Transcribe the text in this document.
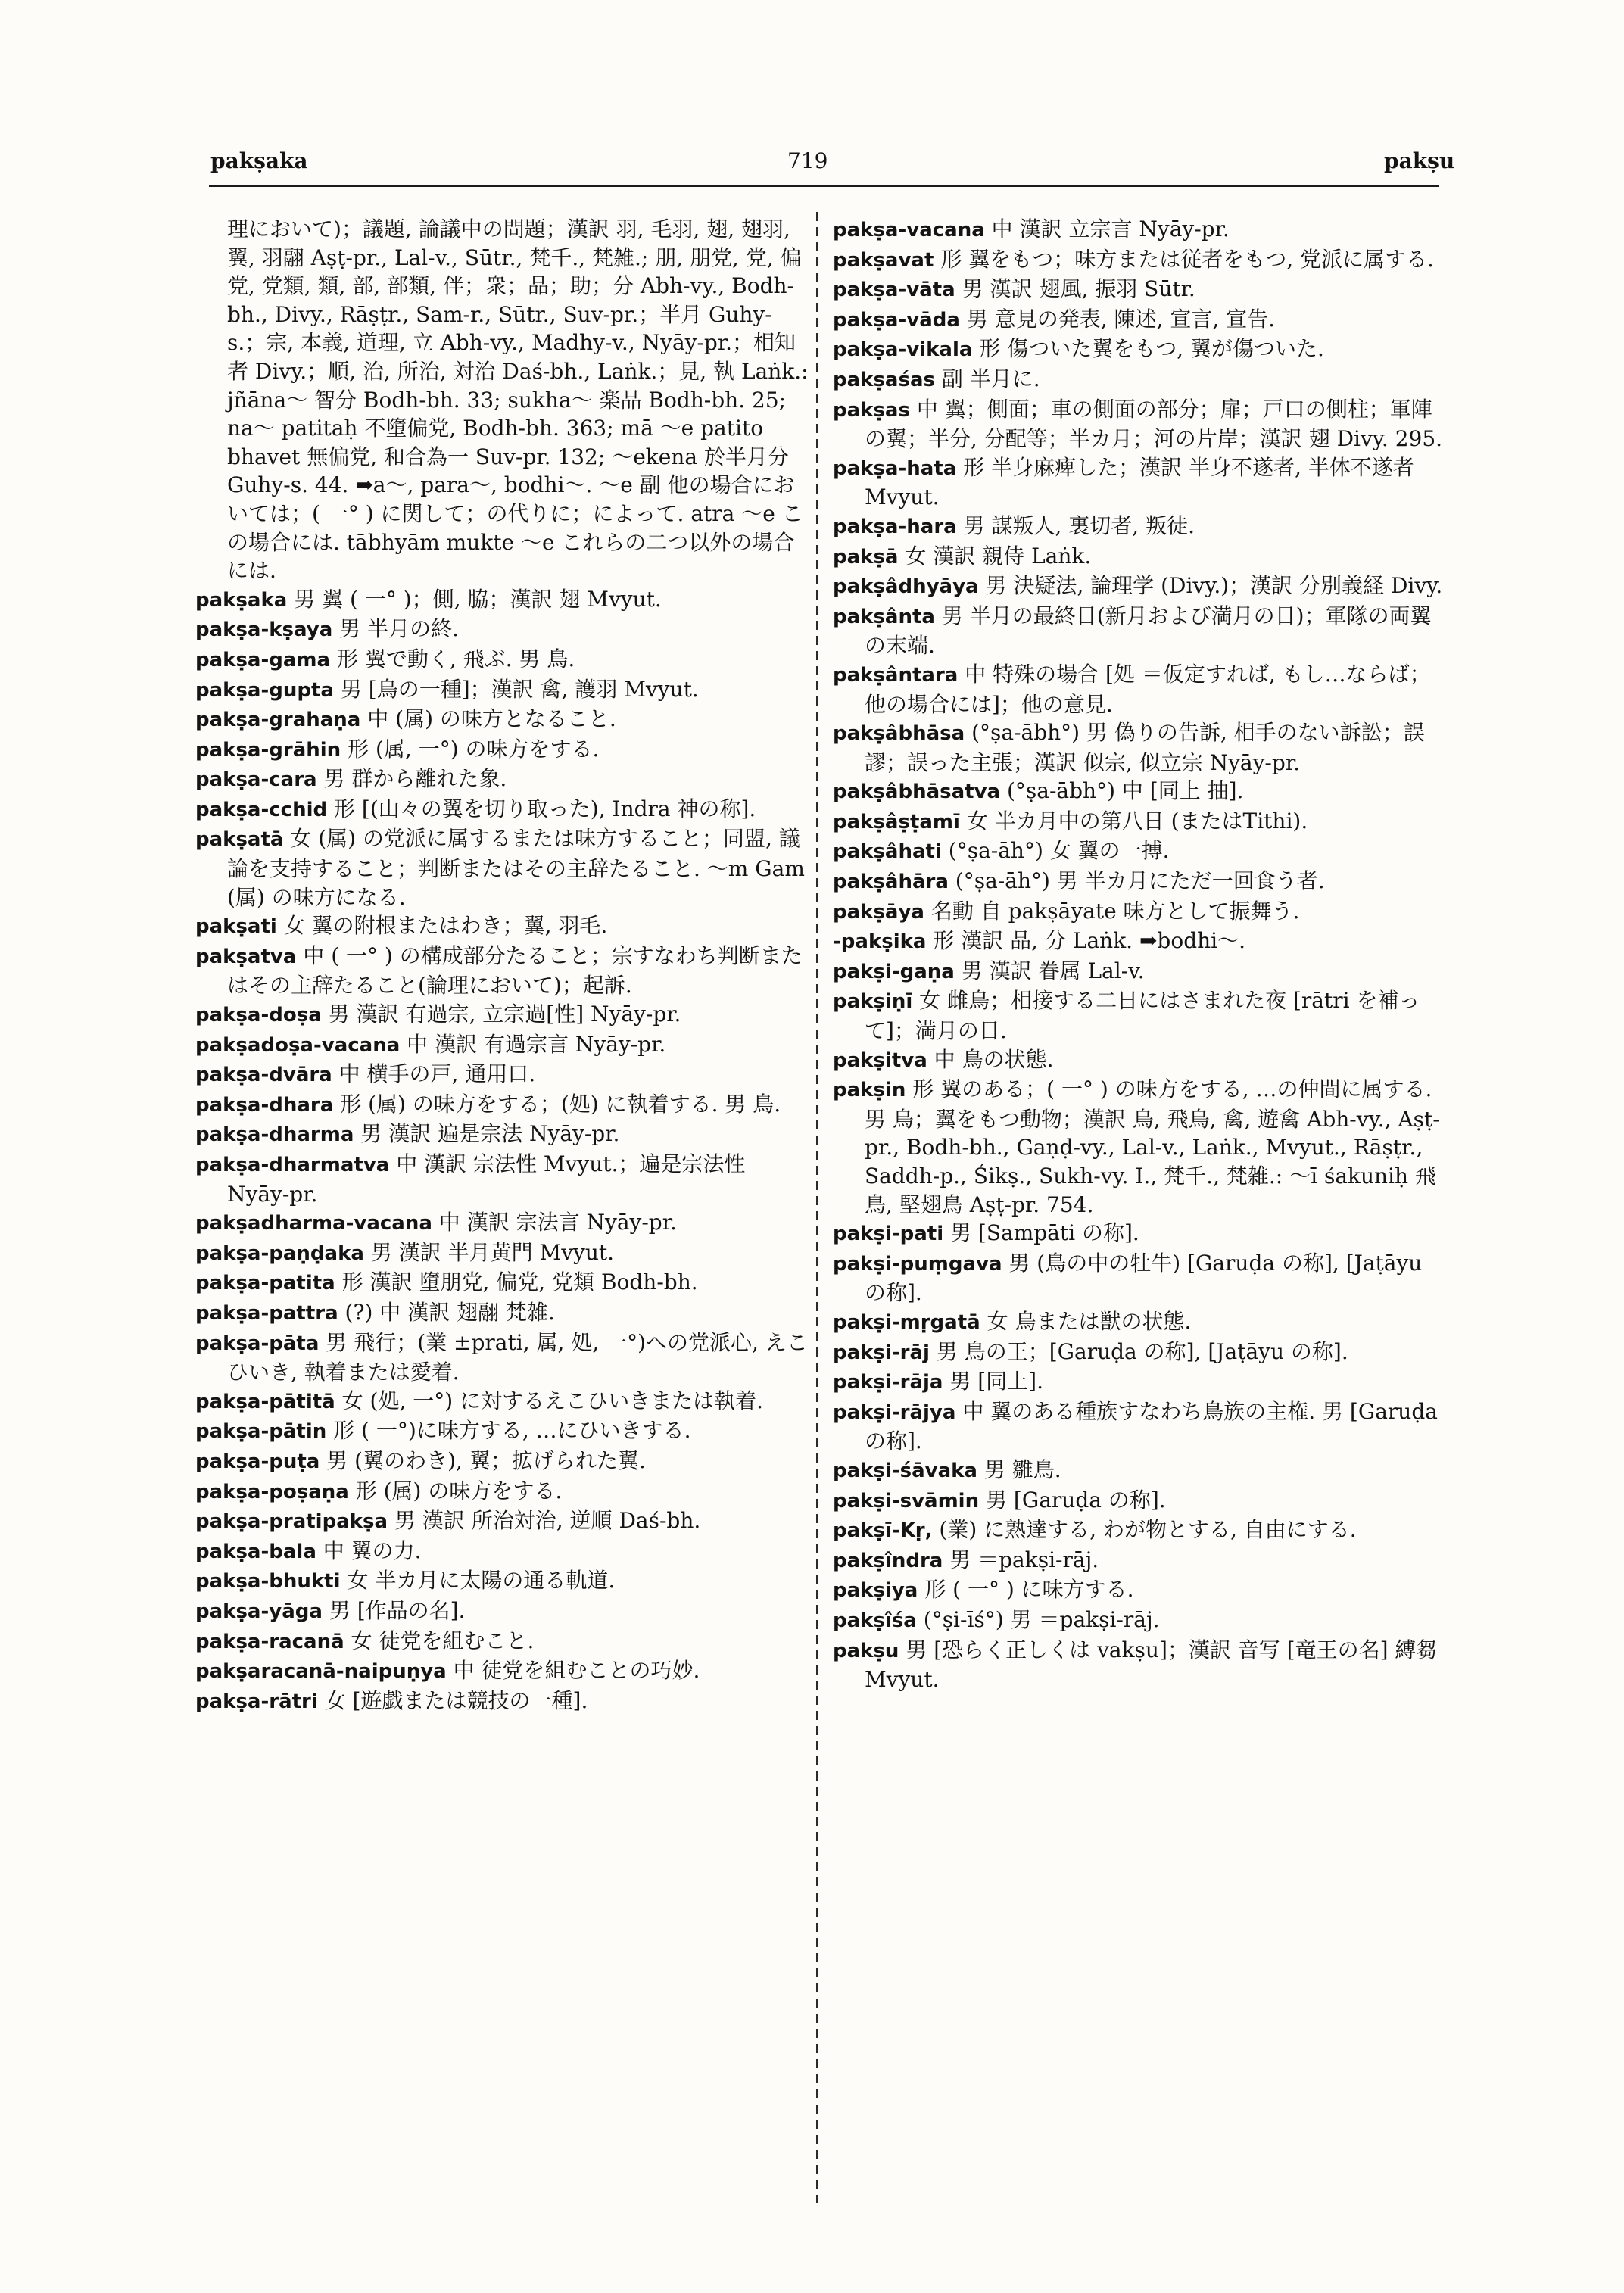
pakṣaka	719	pakṣu

理において)；議題, 論議中の問題；漢訳 羽, 毛羽, 翅, 翅羽, 翼, 羽翮 Aṣṭ-pr., Lal-v., Sūtr., 梵千., 梵雑.; 朋, 朋党, 党, 偏党, 党類, 類, 部, 部類, 伴；衆；品；助；分 Abh-vy., Bodh-bh., Divy., Rāṣṭr., Sam-r., Sūtr., Suv-pr.；半月 Guhy-s.；宗, 本義, 道理, 立 Abh-vy., Madhy-v., Nyāy-pr.；相知者 Divy.；順, 治, 所治, 対治 Daś-bh., Laṅk.；見, 執 Laṅk.: jñāna～ 智分 Bodh-bh. 33; sukha～ 楽品 Bodh-bh. 25; na～ patitaḥ 不墮偏党, Bodh-bh. 363; mā ～e patito bhavet 無偏党, 和合為一 Suv-pr. 132; ～ekena 於半月分 Guhy-s. 44. ➡a～, para～, bodhi～. ～e 副 他の場合においては；( 一° ) に関して；の代りに；によって. atra ～e この場合には. tābhyām mukte ～e これらの二つ以外の場合には.

pakṣaka 男 翼 ( 一° )；側, 脇；漢訳 翅 Mvyut.

pakṣa-kṣaya 男 半月の終.

pakṣa-gama 形 翼で動く, 飛ぶ. 男 鳥.

pakṣa-gupta 男 [鳥の一種]；漢訳 禽, 護羽 Mvyut.

pakṣa-grahaṇa 中 (属) の味方となること.

pakṣa-grāhin 形 (属, 一°) の味方をする.

pakṣa-cara 男 群から離れた象.

pakṣa-cchid 形 [(山々の翼を切り取った), Indra 神の称].

pakṣatā 女 (属) の党派に属するまたは味方すること；同盟, 議論を支持すること；判断またはその主辞たること. ～m Gam (属) の味方になる.

pakṣati 女 翼の附根またはわき；翼, 羽毛.

pakṣatva 中 ( 一° ) の構成部分たること；宗すなわち判断またはその主辞たること(論理において)；起訴.

pakṣa-doṣa 男 漢訳 有過宗, 立宗過[性] Nyāy-pr.

pakṣadoṣa-vacana 中 漢訳 有過宗言 Nyāy-pr.

pakṣa-dvāra 中 横手の戸, 通用口.

pakṣa-dhara 形 (属) の味方をする；(処) に執着する. 男 鳥.

pakṣa-dharma 男 漢訳 遍是宗法 Nyāy-pr.

pakṣa-dharmatva 中 漢訳 宗法性 Mvyut.；遍是宗法性 Nyāy-pr.

pakṣadharma-vacana 中 漢訳 宗法言 Nyāy-pr.

pakṣa-paṇḍaka 男 漢訳 半月黄門 Mvyut.

pakṣa-patita 形 漢訳 墮朋党, 偏党, 党類 Bodh-bh.

pakṣa-pattra (?) 中 漢訳 翅翮 梵雑.

pakṣa-pāta 男 飛行；(業 ±prati, 属, 処, 一°)への党派心, えこひいき, 執着または愛着.

pakṣa-pātitā 女 (処, 一°) に対するえこひいきまたは執着.

pakṣa-pātin 形 ( 一°)に味方する, …にひいきする.

pakṣa-puṭa 男 (翼のわき), 翼；拡げられた翼.

pakṣa-poṣaṇa 形 (属) の味方をする.

pakṣa-pratipakṣa 男 漢訳 所治対治, 逆順 Daś-bh.

pakṣa-bala 中 翼の力.

pakṣa-bhukti 女 半カ月に太陽の通る軌道.

pakṣa-yāga 男 [作品の名].

pakṣa-racanā 女 徒党を組むこと.

pakṣaracanā-naipuṇya 中 徒党を組むことの巧妙.

pakṣa-rātri 女 [遊戯または競技の一種].

pakṣa-vacana 中 漢訳 立宗言 Nyāy-pr.

pakṣavat 形 翼をもつ；味方または従者をもつ, 党派に属する.

pakṣa-vāta 男 漢訳 翅風, 振羽 Sūtr.

pakṣa-vāda 男 意見の発表, 陳述, 宣言, 宣告.

pakṣa-vikala 形 傷ついた翼をもつ, 翼が傷ついた.

pakṣaśas 副 半月に.

pakṣas 中 翼；側面；車の側面の部分；扉；戸口の側柱；軍陣の翼；半分, 分配等；半カ月；河の片岸；漢訳 翅 Divy. 295.

pakṣa-hata 形 半身麻痺した；漢訳 半身不遂者, 半体不遂者 Mvyut.

pakṣa-hara 男 謀叛人, 裏切者, 叛徒.

pakṣā 女 漢訳 親侍 Laṅk.

pakṣâdhyāya 男 決疑法, 論理学 (Divy.)；漢訳 分別義経 Divy.

pakṣânta 男 半月の最終日(新月および満月の日)；軍隊の両翼の末端.

pakṣântara 中 特殊の場合 [処 ＝仮定すれば, もし…ならば；他の場合には]；他の意見.

pakṣâbhāsa (°ṣa-ābh°) 男 偽りの告訴, 相手のない訴訟；誤謬；誤った主張；漢訳 似宗, 似立宗 Nyāy-pr.

pakṣâbhāsatva (°ṣa-ābh°) 中 [同上 抽].

pakṣâṣṭamī 女 半カ月中の第八日 (またはTithi).

pakṣâhati (°ṣa-āh°) 女 翼の一搏.

pakṣâhāra (°ṣa-āh°) 男 半カ月にただ一回食う者.

pakṣāya 名動 自 pakṣāyate 味方として振舞う.

-pakṣika 形 漢訳 品, 分 Laṅk. ➡bodhi～.

pakṣi-gaṇa 男 漢訳 眷属 Lal-v.

pakṣiṇī 女 雌鳥；相接する二日にはさまれた夜 [rātri を補って]；満月の日.

pakṣitva 中 鳥の状態.

pakṣin 形 翼のある；( 一° ) の味方をする, …の仲間に属する. 男 鳥；翼をもつ動物；漢訳 鳥, 飛鳥, 禽, 遊禽 Abh-vy., Aṣṭ-pr., Bodh-bh., Gaṇḍ-vy., Lal-v., Laṅk., Mvyut., Rāṣṭr., Saddh-p., Śikṣ., Sukh-vy. I., 梵千., 梵雑.: ～ī śakuniḥ 飛鳥, 堅翅鳥 Aṣṭ-pr. 754.

pakṣi-pati 男 [Sampāti の称].

pakṣi-puṃgava 男 (鳥の中の牡牛) [Garuḍa の称], [Jaṭāyu の称].

pakṣi-mṛgatā 女 鳥または獣の状態.

pakṣi-rāj 男 鳥の王；[Garuḍa の称], [Jaṭāyu の称].

pakṣi-rāja 男 [同上].

pakṣi-rājya 中 翼のある種族すなわち鳥族の主権. 男 [Garuḍa の称].

pakṣi-śāvaka 男 雛鳥.

pakṣi-svāmin 男 [Garuḍa の称].

pakṣī-Kṛ, (業) に熟達する, わが物とする, 自由にする.

pakṣîndra 男 ＝pakṣi-rāj.

pakṣiya 形 ( 一° ) に味方する.

pakṣîśa (°ṣi-īś°) 男 ＝pakṣi-rāj.

pakṣu 男 [恐らく正しくは vakṣu]；漢訳 音写 [竜王の名] 縛芻 Mvyut.
